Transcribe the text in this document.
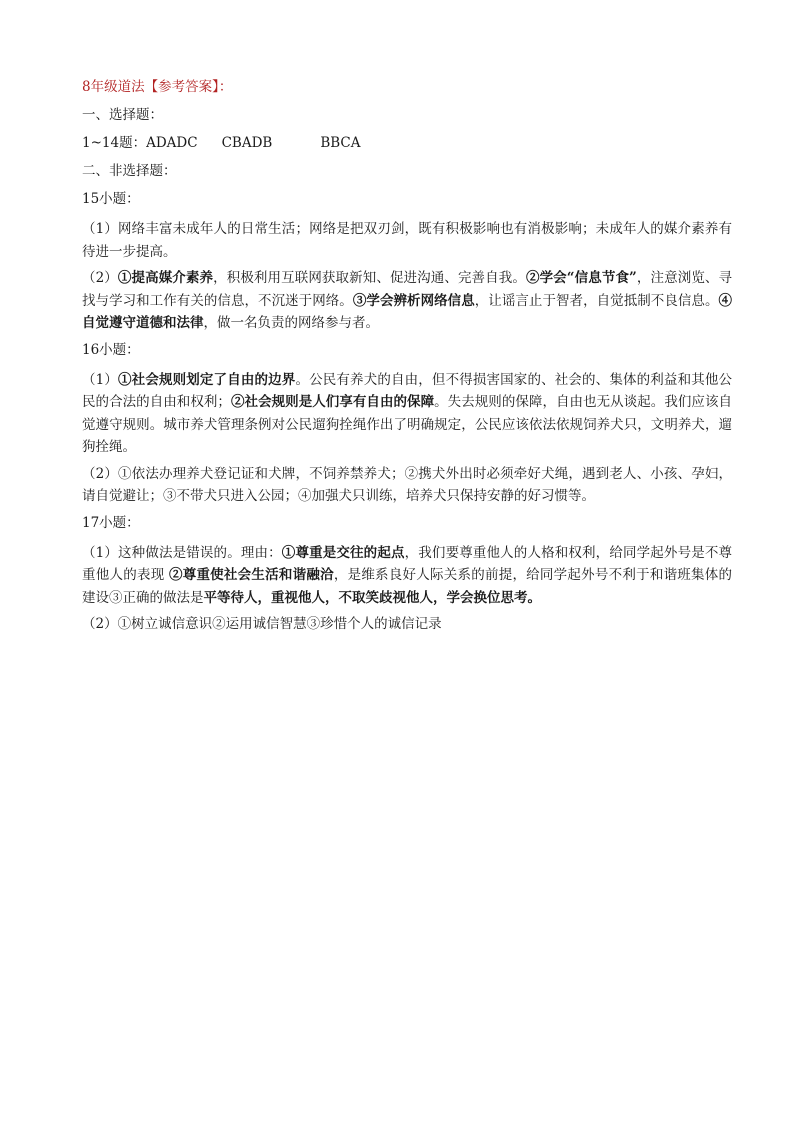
8年级道法【参考答案】：
一、选择题：
1~14题：ADADC CBADB	BBCA
二、非选择题：
15小题：
（1）网络丰富未成年人的日常生活；网络是把双刃剑，既有积极影响也有消极影响；未成年人的媒介素养有待进一步提高。
（2）①提高媒介素养，积极利用互联网获取新知、促进沟通、完善自我。②学会“信息节食”，注意浏览、寻找与学习和工作有关的信息，不沉迷于网络。③学会辨析网络信息，让谣言止于智者，自觉抵制不良信息。④自觉遵守道德和法律，做一名负责的网络参与者。
16小题：
（1）①社会规则划定了自由的边界。公民有养犬的自由，但不得损害国家的、社会的、集体的利益和其他公民的合法的自由和权利；②社会规则是人们享有自由的保障。失去规则的保障，自由也无从谈起。我们应该自觉遵守规则。城市养犬管理条例对公民遛狗拴绳作出了明确规定，公民应该依法依规饲养犬只，文明养犬，遛狗拴绳。
（2）①依法办理养犬登记证和犬牌，不饲养禁养犬；②携犬外出时必须牵好犬绳，遇到老人、小孩、孕妇，请自觉避让；③不带犬只进入公园；④加强犬只训练，培养犬只保持安静的好习惯等。
17小题：
（1）这种做法是错误的。理由：①尊重是交往的起点，我们要尊重他人的人格和权利，给同学起外号是不尊重他人的表现 ②尊重使社会生活和谐融洽，是维系良好人际关系的前提，给同学起外号不利于和谐班集体的建设③正确的做法是平等待人，重视他人，不取笑歧视他人，学会换位思考。
（2）①树立诚信意识②运用诚信智慧③珍惜个人的诚信记录
